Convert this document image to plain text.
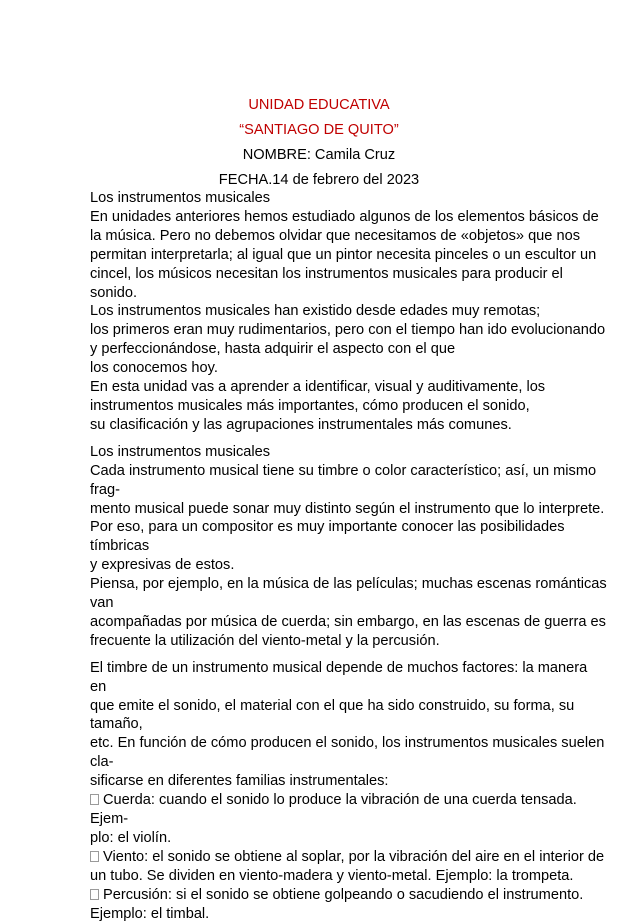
UNIDAD EDUCATIVA
“SANTIAGO DE QUITO”
NOMBRE: Camila Cruz
FECHA.14 de febrero del 2023
Los instrumentos musicales
En unidades anteriores hemos estudiado algunos de los elementos básicos de
la música. Pero no debemos olvidar que necesitamos de «objetos» que nos
permitan interpretarla; al igual que un pintor necesita pinceles o un escultor un
cincel, los músicos necesitan los instrumentos musicales para producir el
sonido.
Los instrumentos musicales han existido desde edades muy remotas;
los primeros eran muy rudimentarios, pero con el tiempo han ido evolucionando
y perfeccionándose, hasta adquirir el aspecto con el que
los conocemos hoy.
En esta unidad vas a aprender a identificar, visual y auditivamente, los
instrumentos musicales más importantes, cómo producen el sonido,
su clasificación y las agrupaciones instrumentales más comunes.
Los instrumentos musicales
Cada instrumento musical tiene su timbre o color característico; así, un mismo
frag-
mento musical puede sonar muy distinto según el instrumento que lo interprete.
Por eso, para un compositor es muy importante conocer las posibilidades
tímbricas
y expresivas de estos.
Piensa, por ejemplo, en la música de las películas; muchas escenas románticas
van
acompañadas por música de cuerda; sin embargo, en las escenas de guerra es
frecuente la utilización del viento-metal y la percusión.
El timbre de un instrumento musical depende de muchos factores: la manera
en
que emite el sonido, el material con el que ha sido construido, su forma, su
tamaño,
etc. En función de cómo producen el sonido, los instrumentos musicales suelen
cla-
sificarse en diferentes familias instrumentales:
Cuerda: cuando el sonido lo produce la vibración de una cuerda tensada.
Ejem-
plo: el violín.
Viento: el sonido se obtiene al soplar, por la vibración del aire en el interior de
un tubo. Se dividen en viento-madera y viento-metal. Ejemplo: la trompeta.
Percusión: si el sonido se obtiene golpeando o sacudiendo el instrumento.
Ejemplo: el timbal.
